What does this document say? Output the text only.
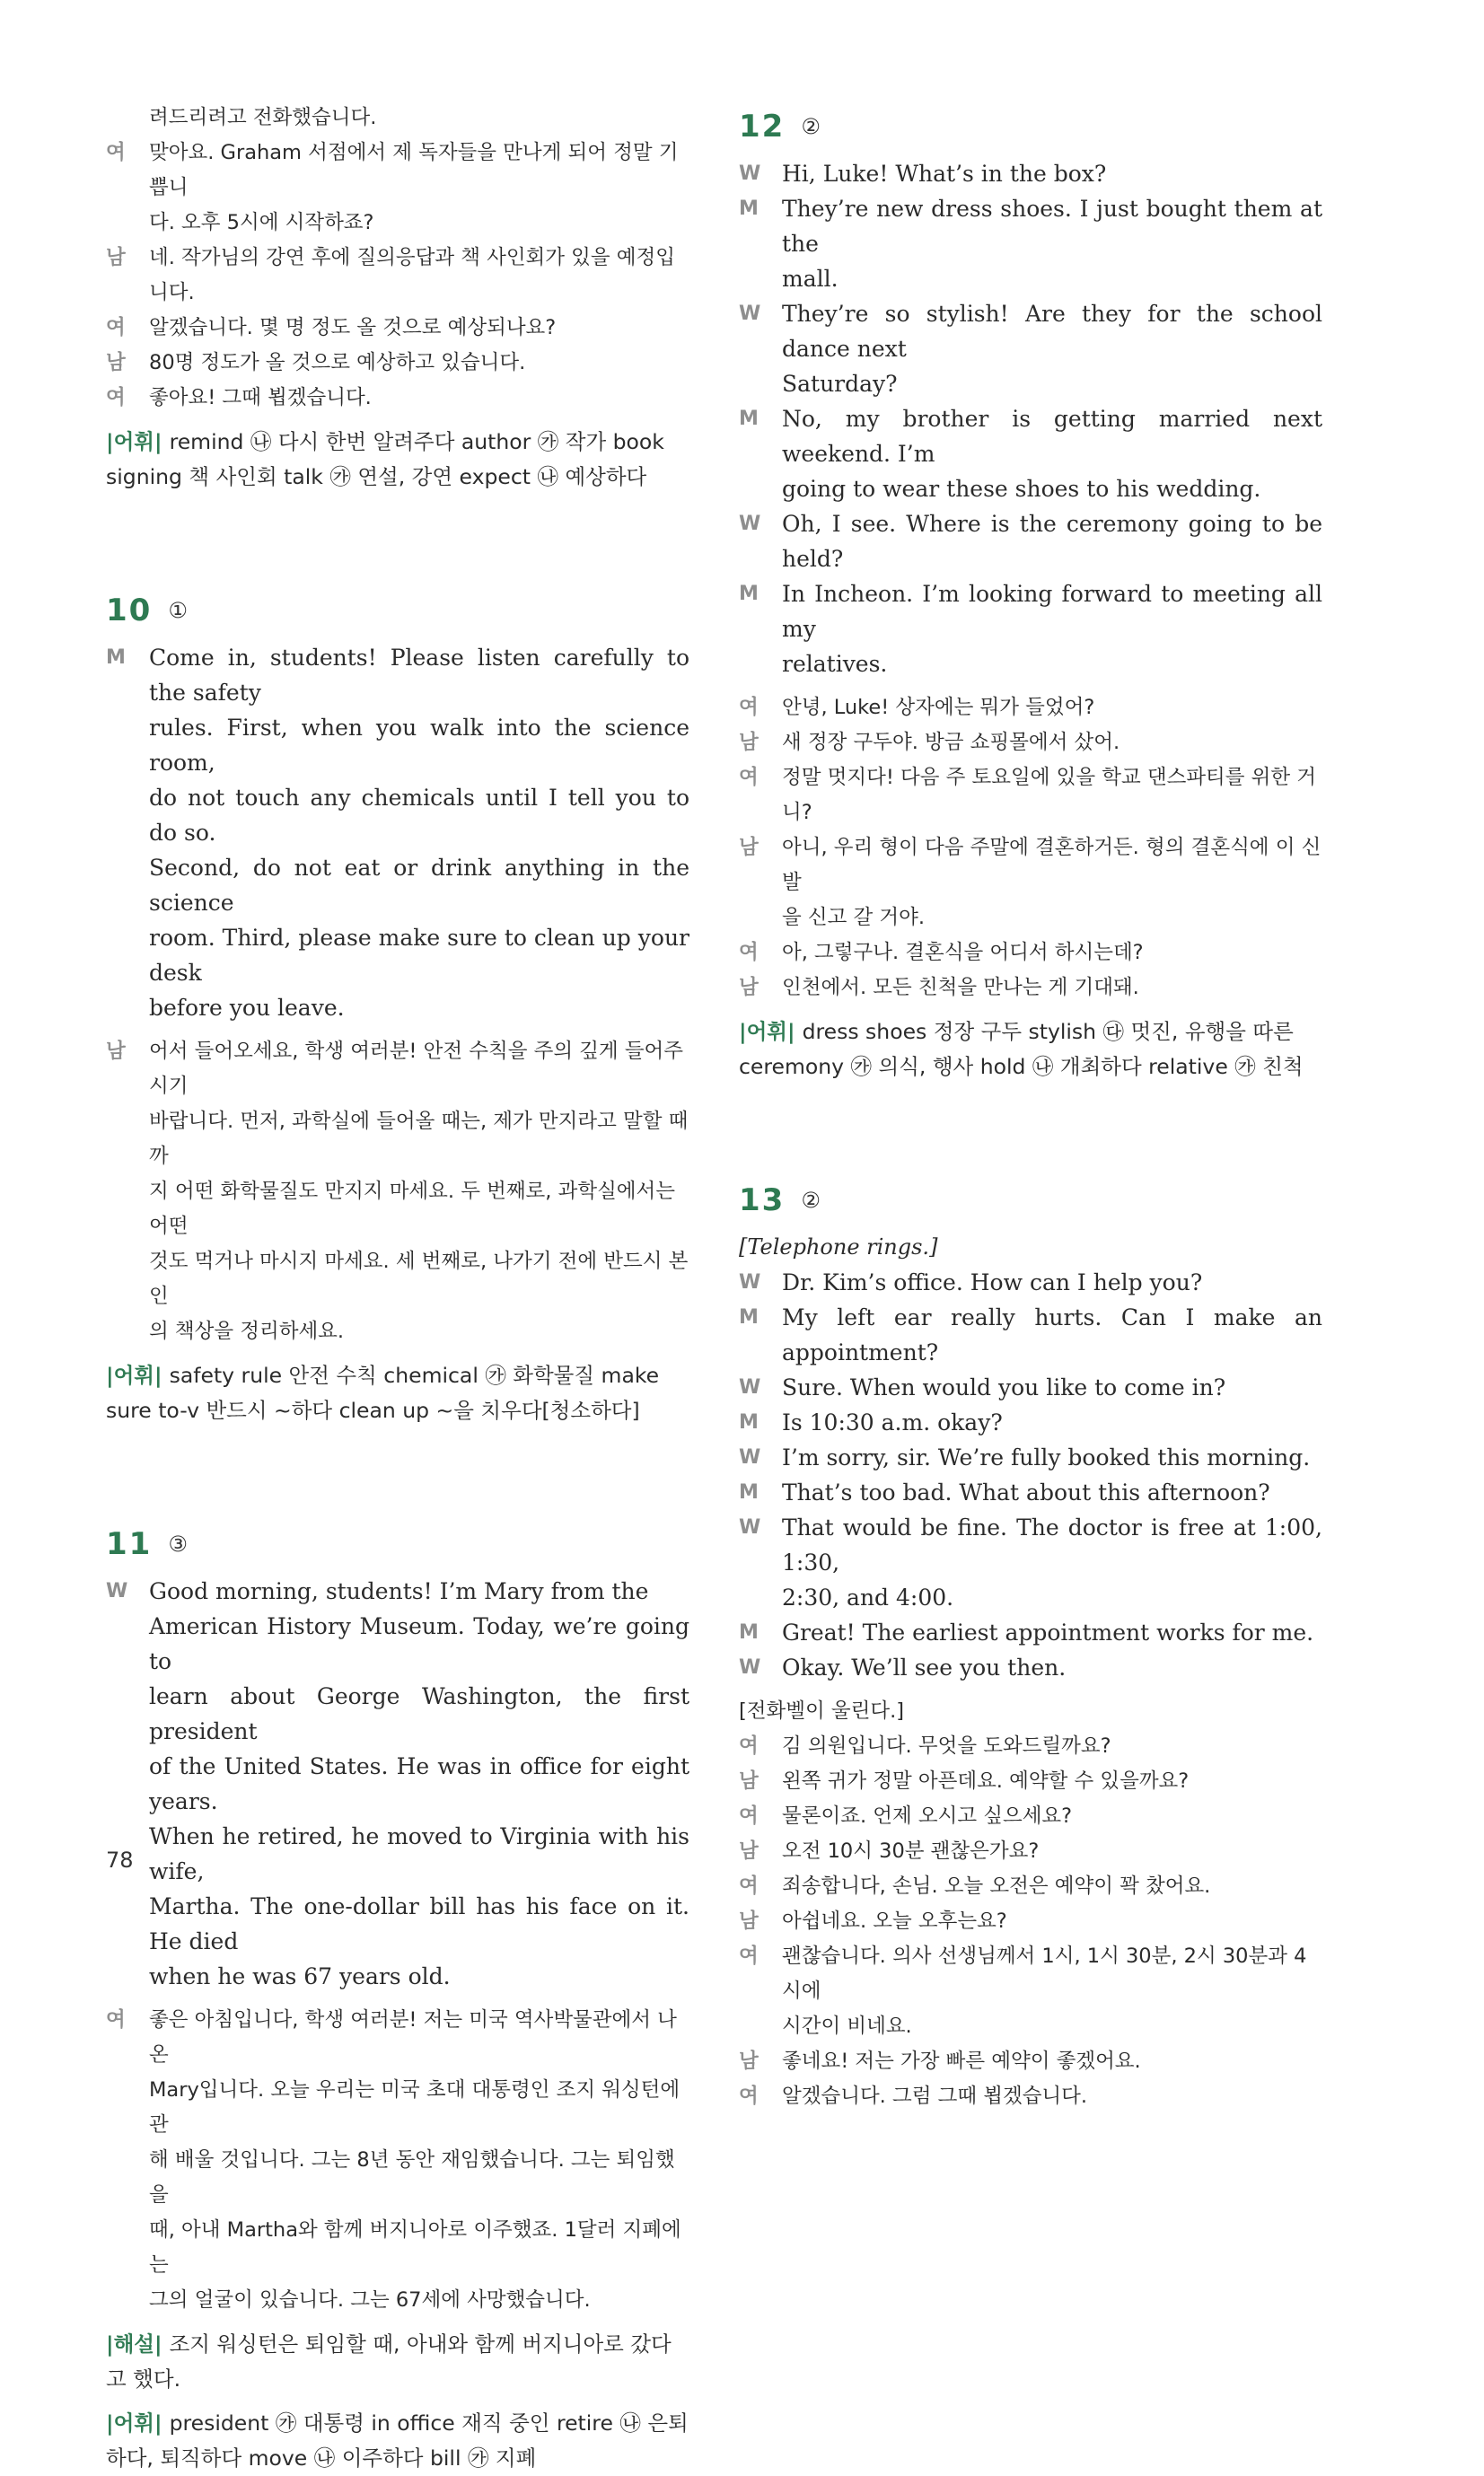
려드리려고 전화했습니다.
여 맞아요. Graham 서점에서 제 독자들을 만나게 되어 정말 기쁩니
다. 오후 5시에 시작하죠?
남 네. 작가님의 강연 후에 질의응답과 책 사인회가 있을 예정입니다.
여 알겠습니다. 몇 명 정도 올 것으로 예상되나요?
남 80명 정도가 올 것으로 예상하고 있습니다.
여 좋아요! 그때 뵙겠습니다.
|어휘| remind ㉯ 다시 한번 알려주다 author ㉮ 작가 book
signing 책 사인회 talk ㉮ 연설, 강연 expect ㉯ 예상하다
10 ①
M Come in, students! Please listen carefully to the safety
rules. First, when you walk into the science room,
do not touch any chemicals until I tell you to do so.
Second, do not eat or drink anything in the science
room. Third, please make sure to clean up your desk
before you leave.
남 어서 들어오세요, 학생 여러분! 안전 수칙을 주의 깊게 들어주시기
바랍니다. 먼저, 과학실에 들어올 때는, 제가 만지라고 말할 때까
지 어떤 화학물질도 만지지 마세요. 두 번째로, 과학실에서는 어떤
것도 먹거나 마시지 마세요. 세 번째로, 나가기 전에 반드시 본인
의 책상을 정리하세요.
|어휘| safety rule 안전 수칙 chemical ㉮ 화학물질 make
sure to-v 반드시 ~하다 clean up ~을 치우다[청소하다]
11 ③
W Good morning, students! I’m Mary from the
American History Museum. Today, we’re going to
learn about George Washington, the first president
of the United States. He was in office for eight years.
When he retired, he moved to Virginia with his wife,
Martha. The one-dollar bill has his face on it. He died
when he was 67 years old.
여 좋은 아침입니다, 학생 여러분! 저는 미국 역사박물관에서 나온
Mary입니다. 오늘 우리는 미국 초대 대통령인 조지 워싱턴에 관
해 배울 것입니다. 그는 8년 동안 재임했습니다. 그는 퇴임했을
때, 아내 Martha와 함께 버지니아로 이주했죠. 1달러 지폐에는
그의 얼굴이 있습니다. 그는 67세에 사망했습니다.
|해설| 조지 워싱턴은 퇴임할 때, 아내와 함께 버지니아로 갔다고 했다.
|어휘| president ㉮ 대통령 in office 재직 중인 retire ㉯ 은퇴
하다, 퇴직하다 move ㉯ 이주하다 bill ㉮ 지폐
12 ②
W Hi, Luke! What’s in the box?
M They’re new dress shoes. I just bought them at the
mall.
W They’re so stylish! Are they for the school dance next
Saturday?
M No, my brother is getting married next weekend. I’m
going to wear these shoes to his wedding.
W Oh, I see. Where is the ceremony going to be held?
M In Incheon. I’m looking forward to meeting all my
relatives.
여 안녕, Luke! 상자에는 뭐가 들었어?
남 새 정장 구두야. 방금 쇼핑몰에서 샀어.
여 정말 멋지다! 다음 주 토요일에 있을 학교 댄스파티를 위한 거니?
남 아니, 우리 형이 다음 주말에 결혼하거든. 형의 결혼식에 이 신발
을 신고 갈 거야.
여 아, 그렇구나. 결혼식을 어디서 하시는데?
남 인천에서. 모든 친척을 만나는 게 기대돼.
|어휘| dress shoes 정장 구두 stylish ㉰ 멋진, 유행을 따른
ceremony ㉮ 의식, 행사 hold ㉯ 개최하다 relative ㉮ 친척
13 ②
[Telephone rings.]
W Dr. Kim’s office. How can I help you?
M My left ear really hurts. Can I make an appointment?
W Sure. When would you like to come in?
M Is 10:30 a.m. okay?
W I’m sorry, sir. We’re fully booked this morning.
M That’s too bad. What about this afternoon?
W That would be fine. The doctor is free at 1:00, 1:30,
2:30, and 4:00.
M Great! The earliest appointment works for me.
W Okay. We’ll see you then.
[전화벨이 울린다.]
여 김 의원입니다. 무엇을 도와드릴까요?
남 왼쪽 귀가 정말 아픈데요. 예약할 수 있을까요?
여 물론이죠. 언제 오시고 싶으세요?
남 오전 10시 30분 괜찮은가요?
여 죄송합니다, 손님. 오늘 오전은 예약이 꽉 찼어요.
남 아쉽네요. 오늘 오후는요?
여 괜찮습니다. 의사 선생님께서 1시, 1시 30분, 2시 30분과 4시에
시간이 비네요.
남 좋네요! 저는 가장 빠른 예약이 좋겠어요.
여 알겠습니다. 그럼 그때 뵙겠습니다.
78
